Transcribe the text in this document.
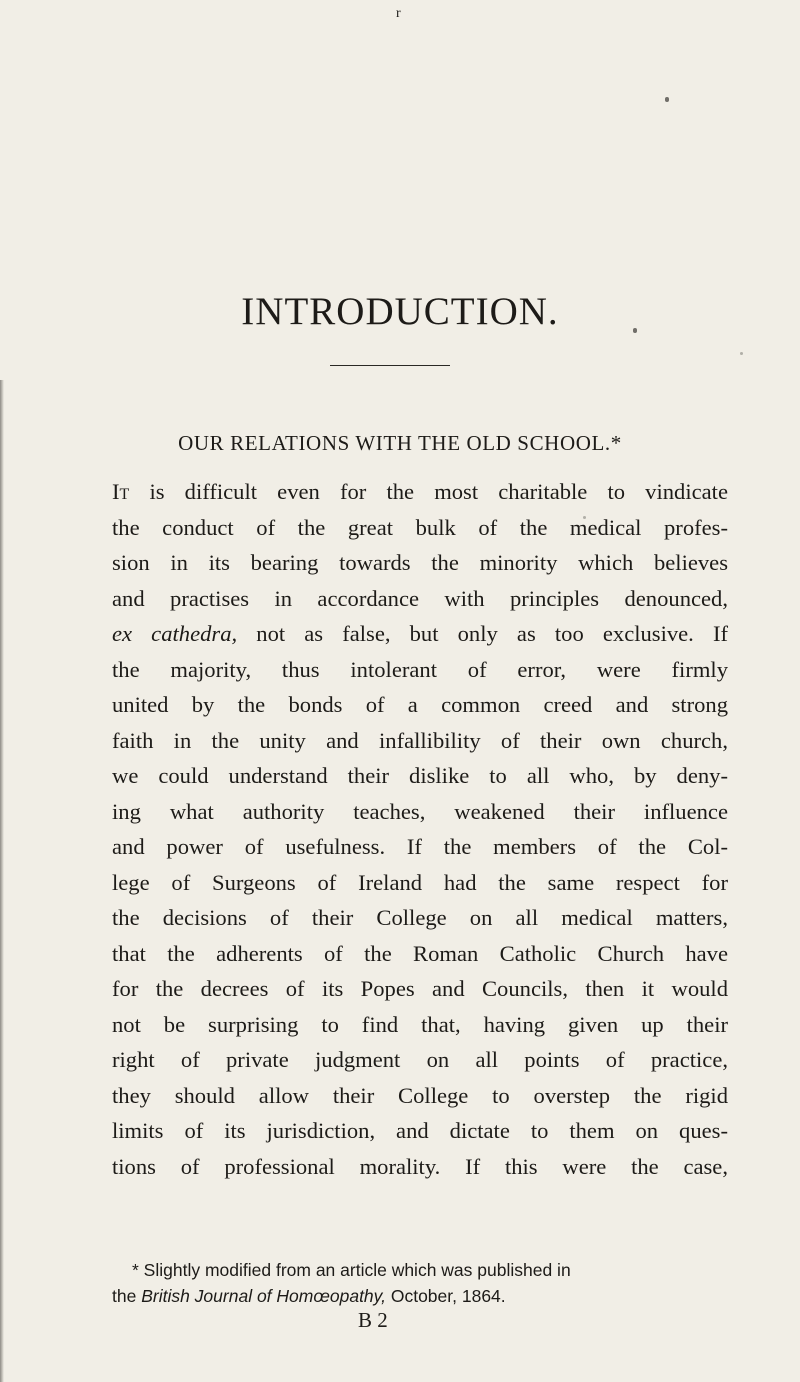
r
INTRODUCTION.
OUR RELATIONS WITH THE OLD SCHOOL.*
It is difficult even for the most charitable to vindicate
the conduct of the great bulk of the medical profes-
sion in its bearing towards the minority which believes
and practises in accordance with principles denounced,
ex cathedra, not as false, but only as too exclusive. If
the majority, thus intolerant of error, were firmly
united by the bonds of a common creed and strong
faith in the unity and infallibility of their own church,
we could understand their dislike to all who, by deny-
ing what authority teaches, weakened their influence
and power of usefulness. If the members of the Col-
lege of Surgeons of Ireland had the same respect for
the decisions of their College on all medical matters,
that the adherents of the Roman Catholic Church have
for the decrees of its Popes and Councils, then it would
not be surprising to find that, having given up their
right of private judgment on all points of practice,
they should allow their College to overstep the rigid
limits of its jurisdiction, and dictate to them on ques-
tions of professional morality. If this were the case,
* Slightly modified from an article which was published in
the British Journal of Homœopathy, October, 1864.
B 2
